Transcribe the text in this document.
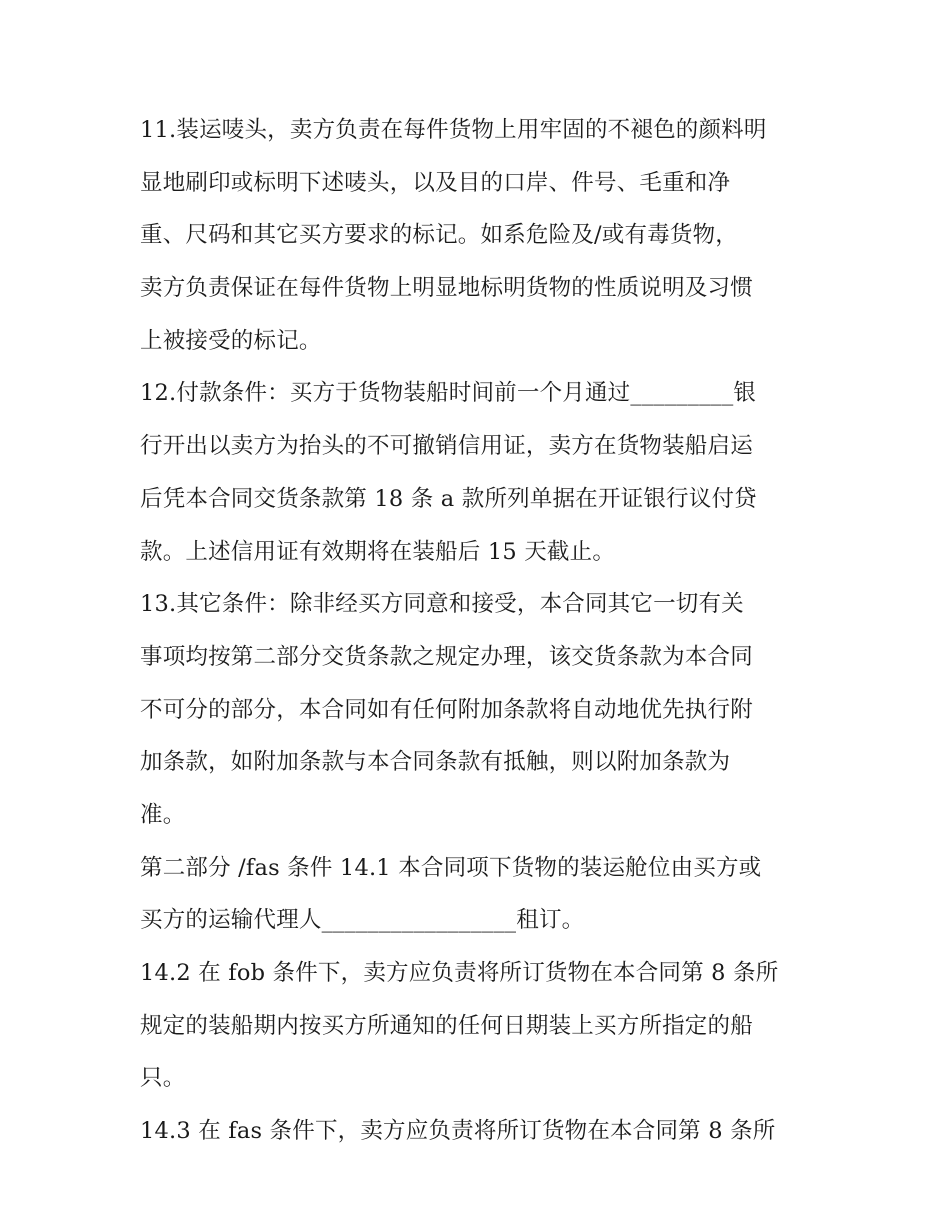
11.装运唛头，卖方负责在每件货物上用牢固的不褪色的颜料明
显地刷印或标明下述唛头，以及目的口岸、件号、毛重和净
重、尺码和其它买方要求的标记。如系危险及/或有毒货物，
卖方负责保证在每件货物上明显地标明货物的性质说明及习惯
上被接受的标记。
12.付款条件：买方于货物装船时间前一个月通过_________银
行开出以卖方为抬头的不可撤销信用证，卖方在货物装船启运
后凭本合同交货条款第 18 条 a 款所列单据在开证银行议付贷
款。上述信用证有效期将在装船后 15 天截止。
13.其它条件：除非经买方同意和接受，本合同其它一切有关
事项均按第二部分交货条款之规定办理，该交货条款为本合同
不可分的部分，本合同如有任何附加条款将自动地优先执行附
加条款，如附加条款与本合同条款有抵触，则以附加条款为
准。
第二部分 /fas 条件 14.1 本合同项下货物的装运舱位由买方或
买方的运输代理人_________________租订。
14.2 在 fob 条件下，卖方应负责将所订货物在本合同第 8 条所
规定的装船期内按买方所通知的任何日期装上买方所指定的船
只。
14.3 在 fas 条件下，卖方应负责将所订货物在本合同第 8 条所
